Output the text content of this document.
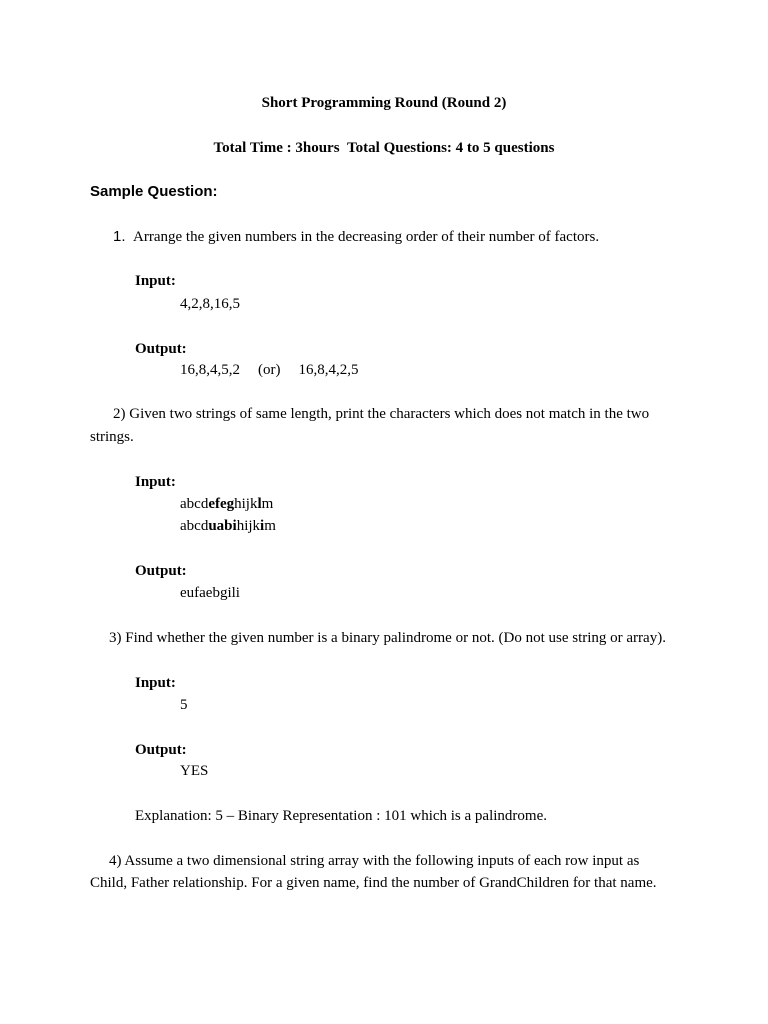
Short Programming Round (Round 2)
Total Time : 3hours Total Questions: 4 to 5 questions
Sample Question:
1. Arrange the given numbers in the decreasing order of their number of factors.
Input:
4,2,8,16,5
Output:
16,8,4,5,2 (or) 16,8,4,2,5
2) Given two strings of same length, print the characters which does not match in the two
strings.
Input:
abcdefeghijklm
abcduabihijkim
Output:
eufaebgili
3) Find whether the given number is a binary palindrome or not. (Do not use string or array).
Input:
5
Output:
YES
Explanation: 5 – Binary Representation : 101 which is a palindrome.
4) Assume a two dimensional string array with the following inputs of each row input as
Child, Father relationship. For a given name, find the number of GrandChildren for that name.
